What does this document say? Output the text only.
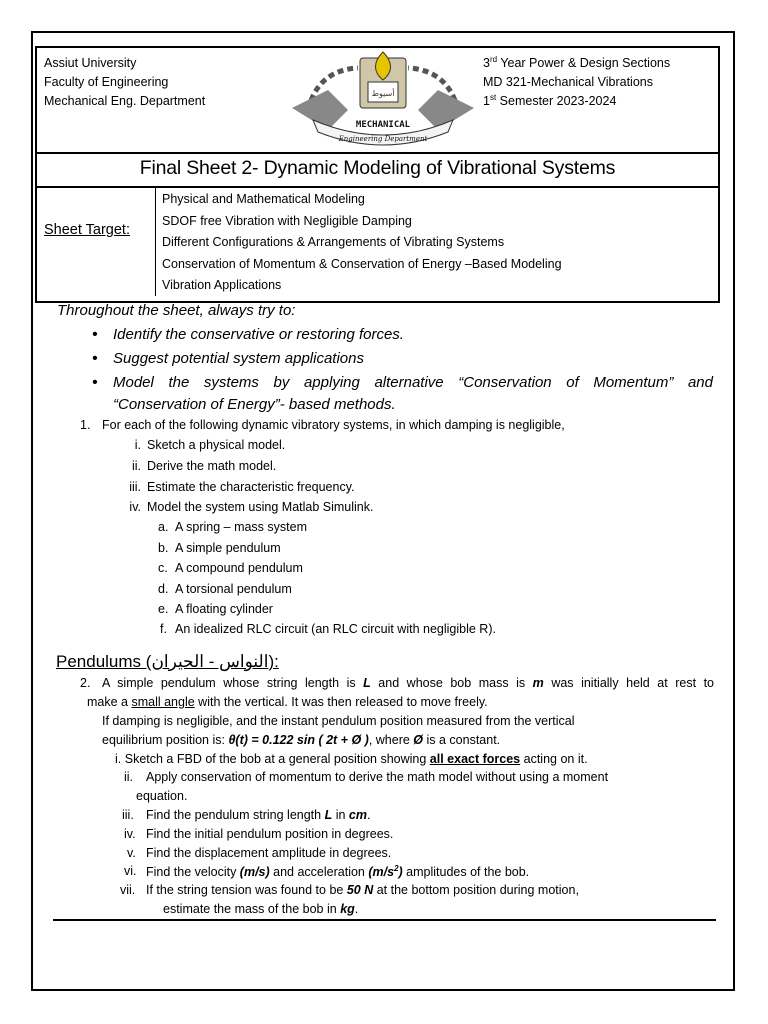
Assiut University
Faculty of Engineering
Mechanical Eng. Department
أسيوط
MECHANICAL
Engineering Department
3rd Year Power & Design Sections
MD 321-Mechanical Vibrations
1st Semester 2023-2024
Final Sheet 2- Dynamic Modeling of Vibrational Systems
Sheet Target:
Physical and Mathematical Modeling
SDOF free Vibration with Negligible Damping
Different Configurations & Arrangements of Vibrating Systems
Conservation of Momentum & Conservation of Energy –Based Modeling
Vibration Applications
Throughout the sheet, always try to:
• Identify the conservative or restoring forces.
• Suggest potential system applications
• Model the systems by applying alternative “Conservation of Momentum” and
“Conservation of Energy”- based methods.
1. For each of the following dynamic vibratory systems, in which damping is negligible,
i. Sketch a physical model.
ii. Derive the math model.
iii. Estimate the characteristic frequency.
iv. Model the system using Matlab Simulink.
a. A spring – mass system
b. A simple pendulum
c. A compound pendulum
d. A torsional pendulum
e. A floating cylinder
f. An idealized RLC circuit (an RLC circuit with negligible R).
Pendulums (النواس - الحيران):
2. A simple pendulum whose string length is L and whose bob mass is m was initially held at rest to
make a small angle with the vertical. It was then released to move freely.
If damping is negligible, and the instant pendulum position measured from the vertical
equilibrium position is: θ(t) = 0.122 sin ( 2t + Ø ), where Ø is a constant.
i. Sketch a FBD of the bob at a general position showing all exact forces acting on it.
ii. Apply conservation of momentum to derive the math model without using a moment
equation.
iii. Find the pendulum string length L in cm.
iv. Find the initial pendulum position in degrees.
v. Find the displacement amplitude in degrees.
vi. Find the velocity (m/s) and acceleration $(m/s^2)$ amplitudes of the bob.
vii. If the string tension was found to be 50 N at the bottom position during motion,
estimate the mass of the bob in kg.
